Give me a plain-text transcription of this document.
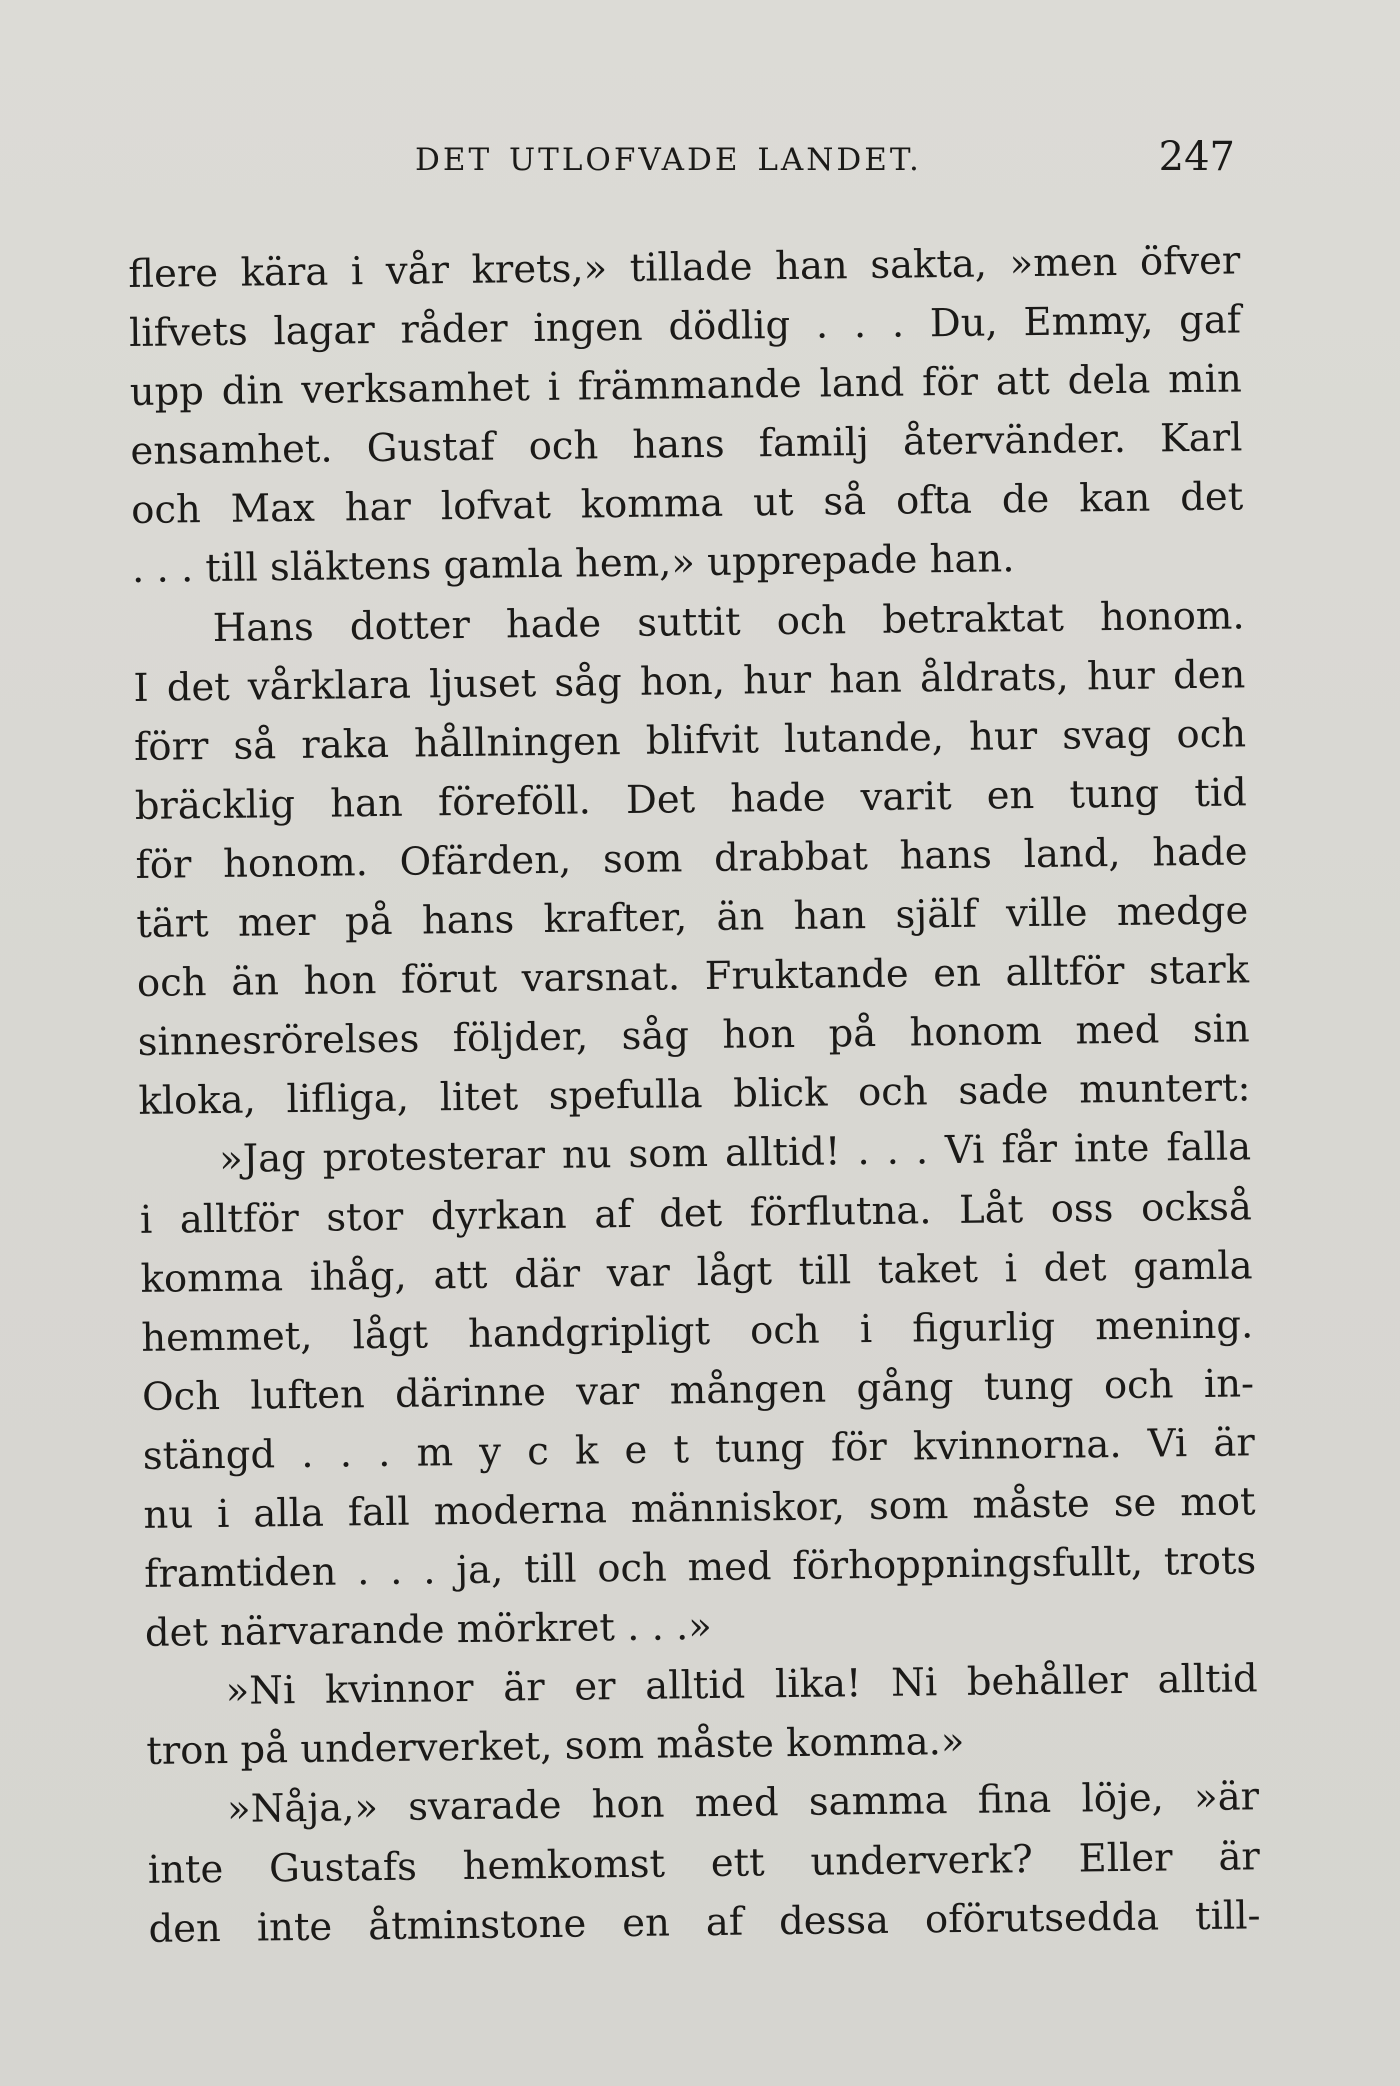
DET UTLOFVADE LANDET.	247
flere kära i vår krets,» tillade han sakta, »men öfver
lifvets lagar råder ingen dödlig . . . Du, Emmy, gaf
upp din verksamhet i främmande land för att dela min
ensamhet. Gustaf och hans familj återvänder. Karl
och Max har lofvat komma ut så ofta de kan det
. . . till släktens gamla hem,» upprepade han.
Hans dotter hade suttit och betraktat honom.
I det vårklara ljuset såg hon, hur han åldrats, hur den
förr så raka hållningen blifvit lutande, hur svag och
bräcklig han föreföll. Det hade varit en tung tid
för honom. Ofärden, som drabbat hans land, hade
tärt mer på hans krafter, än han själf ville medge
och än hon förut varsnat. Fruktande en alltför stark
sinnesrörelses följder, såg hon på honom med sin
kloka, lifliga, litet spefulla blick och sade muntert:
»Jag protesterar nu som alltid! . . . Vi får inte falla
i alltför stor dyrkan af det förflutna. Låt oss också
komma ihåg, att där var lågt till taket i det gamla
hemmet, lågt handgripligt och i figurlig mening.
Och luften därinne var mången gång tung och in-
stängd . . . m y c k e t tung för kvinnorna. Vi är
nu i alla fall moderna människor, som måste se mot
framtiden . . . ja, till och med förhoppningsfullt, trots
det närvarande mörkret . . .»
»Ni kvinnor är er alltid lika! Ni behåller alltid
tron på underverket, som måste komma.»
»Nåja,» svarade hon med samma fina löje, »är
inte Gustafs hemkomst ett underverk? Eller är
den inte åtminstone en af dessa oförutsedda till-
